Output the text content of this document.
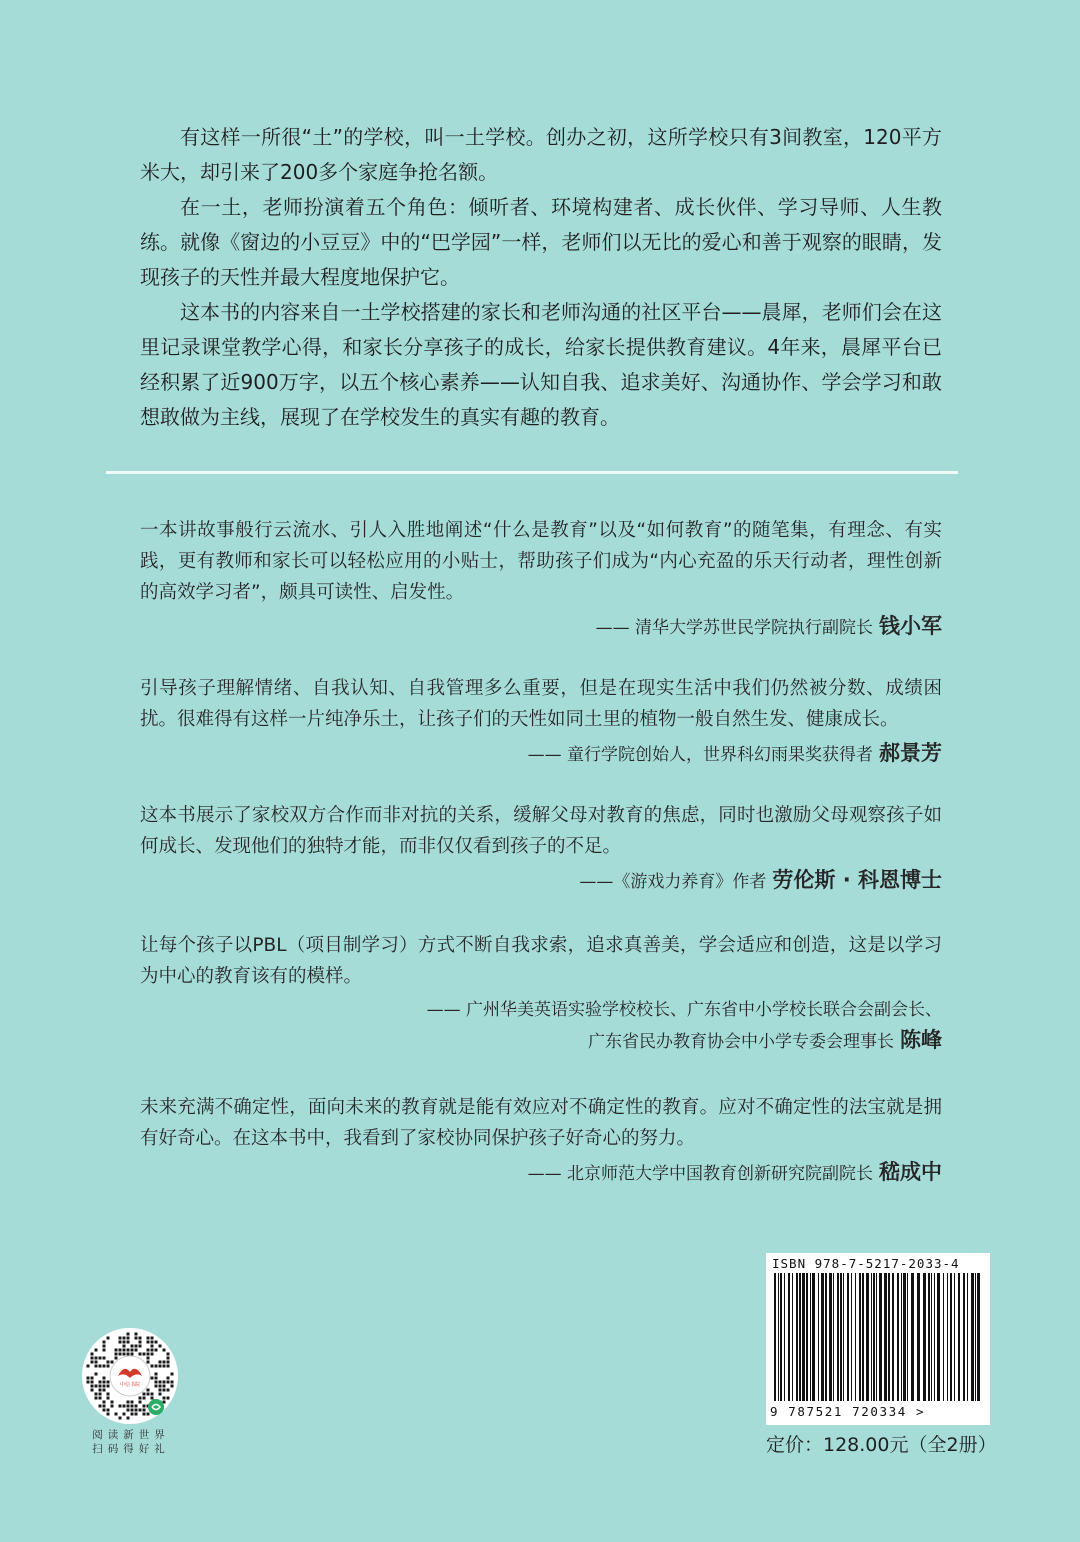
有这样一所很“土”的学校，叫一土学校。创办之初，这所学校只有3间教室，120平方米大，却引来了200多个家庭争抢名额。

在一土，老师扮演着五个角色：倾听者、环境构建者、成长伙伴、学习导师、人生教练。就像《窗边的小豆豆》中的“巴学园”一样，老师们以无比的爱心和善于观察的眼睛，发现孩子的天性并最大程度地保护它。

这本书的内容来自一土学校搭建的家长和老师沟通的社区平台——晨犀，老师们会在这里记录课堂教学心得，和家长分享孩子的成长，给家长提供教育建议。4年来，晨犀平台已经积累了近900万字，以五个核心素养——认知自我、追求美好、沟通协作、学会学习和敢想敢做为主线，展现了在学校发生的真实有趣的教育。

一本讲故事般行云流水、引人入胜地阐述“什么是教育”以及“如何教育”的随笔集，有理念、有实践，更有教师和家长可以轻松应用的小贴士，帮助孩子们成为“内心充盈的乐天行动者，理性创新的高效学习者”，颇具可读性、启发性。

—— 清华大学苏世民学院执行副院长 钱小军

引导孩子理解情绪、自我认知、自我管理多么重要，但是在现实生活中我们仍然被分数、成绩困扰。很难得有这样一片纯净乐土，让孩子们的天性如同土里的植物一般自然生发、健康成长。

—— 童行学院创始人，世界科幻雨果奖获得者 郝景芳

这本书展示了家校双方合作而非对抗的关系，缓解父母对教育的焦虑，同时也激励父母观察孩子如何成长、发现他们的独特才能，而非仅仅看到孩子的不足。

——《游戏力养育》作者 劳伦斯 · 科恩博士

让每个孩子以PBL（项目制学习）方式不断自我求索，追求真善美，学会适应和创造，这是以学习为中心的教育该有的模样。

—— 广州华美英语实验学校校长、广东省中小学校长联合会副会长、
广东省民办教育协会中小学专委会理事长 陈峰

未来充满不确定性，面向未来的教育就是能有效应对不确定性的教育。应对不确定性的法宝就是拥有好奇心。在这本书中，我看到了家校协同保护孩子好奇心的努力。

—— 北京师范大学中国教育创新研究院副院长 嵇成中
中信书院
阅读新世界
扫码得好礼
ISBN 978-7-5217-2033-4
9 787521 720334 >
定价：128.00元（全2册）
